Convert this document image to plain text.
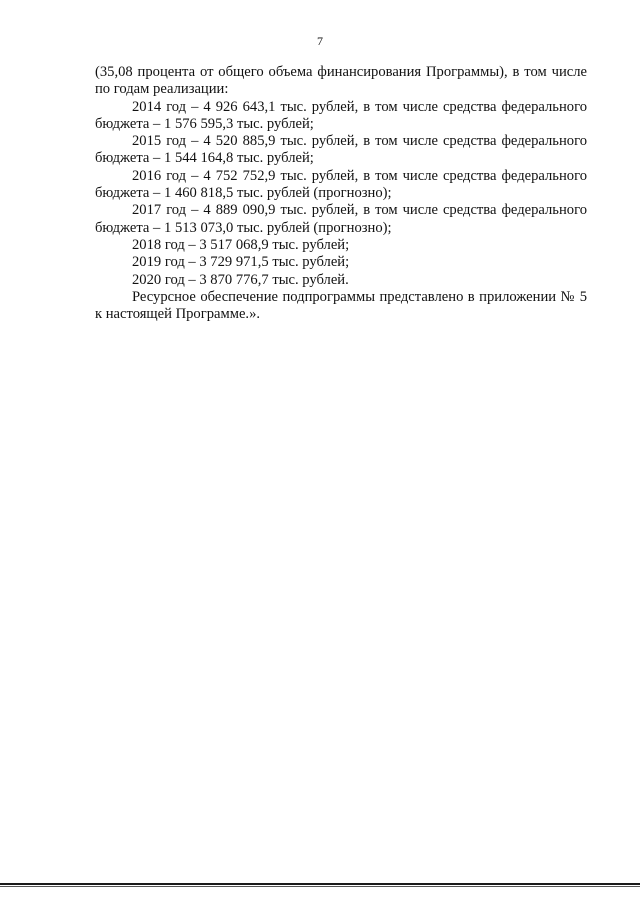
7
(35,08 процента от общего объема финансирования Программы), в том числе
по годам реализации:
2014 год – 4 926 643,1 тыс. рублей, в том числе средства федерального
бюджета – 1 576 595,3 тыс. рублей;
2015 год – 4 520 885,9 тыс. рублей, в том числе средства федерального
бюджета – 1 544 164,8 тыс. рублей;
2016 год – 4 752 752,9 тыс. рублей, в том числе средства федерального
бюджета – 1 460 818,5 тыс. рублей (прогнозно);
2017 год – 4 889 090,9 тыс. рублей, в том числе средства федерального
бюджета – 1 513 073,0 тыс. рублей (прогнозно);
2018 год – 3 517 068,9 тыс. рублей;
2019 год – 3 729 971,5 тыс. рублей;
2020 год – 3 870 776,7 тыс. рублей.
Ресурсное обеспечение подпрограммы представлено в приложении № 5
к настоящей Программе.».
